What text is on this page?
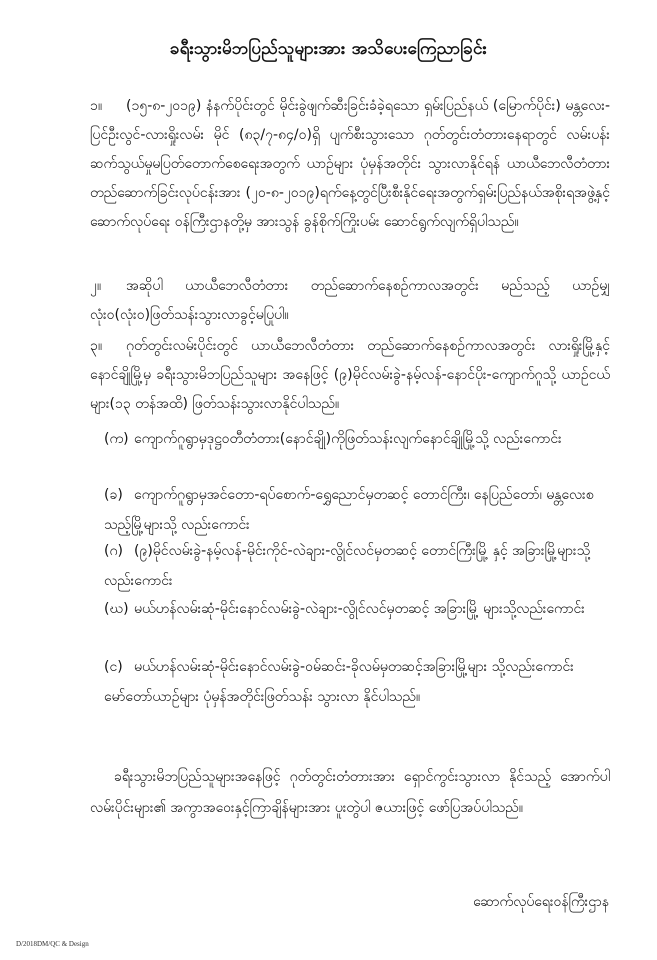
ခရီးသွားမိဘပြည်သူများအား အသိပေးကြေညာခြင်း
၁။ (၁၅-၈-၂၀၁၉) နံနက်ပိုင်းတွင် မိုင်းခွဲဖျက်ဆီးခြင်းခံခဲ့ရသော ရှမ်းပြည်နယ် (မြောက်ပိုင်း) မန္တလေး-ပြင်ဦးလွင်-လားရှိုးလမ်း မိုင် (၈၃/၇-၈၄/၀)ရှိ ပျက်စီးသွားသော ဂုတ်တွင်းတံတားနေရာတွင် လမ်းပန်းဆက်သွယ်မှုမပြတ်တောက်စေရေးအတွက် ယာဉ်များ ပုံမှန်အတိုင်း သွားလာနိုင်ရန် ယာယီဘေလီတံတား တည်ဆောက်ခြင်းလုပ်ငန်းအား (၂၀-၈-၂၀၁၉)ရက်နေ့တွင်ပြီးစီးနိုင်ရေးအတွက်ရှမ်းပြည်နယ်အစိုးရအဖွဲ့နှင့်ဆောက်လုပ်ရေး ဝန်ကြီးဌာနတို့မှ အားသွန် ခွန်စိုက်ကြိုးပမ်း ဆောင်ရွက်လျက်ရှိပါသည်။
၂။ အဆိုပါ ယာယီဘေလီတံတား တည်ဆောက်နေစဉ်ကာလအတွင်း မည်သည့် ယာဉ်မျှ လုံး၀(လုံး၀)ဖြတ်သန်းသွားလာခွင့်မပြုပါ။
၃။ ဂုတ်တွင်းလမ်းပိုင်းတွင် ယာယီဘေလီတံတား တည်ဆောက်နေစဉ်ကာလအတွင်း လားရှိုးမြို့နှင့် နောင်ချိုမြို့မှ ခရီးသွားမိဘပြည်သူများ အနေဖြင့် (၉)မိုင်လမ်းခွဲ-နမ့်လန်-နောင်ပိုး-ကျောက်ဂူသို့ ယာဉ်ငယ်များ(၁၃ တန်အထိ) ဖြတ်သန်းသွားလာနိုင်ပါသည်။
(က) ကျောက်ဂူရွာမှဒုဋ္ဌဝတီတံတား(နောင်ချို)ကိုဖြတ်သန်းလျက်နောင်ချိုမြို့သို့ လည်းကောင်း
(ခ) ကျောက်ဂူရွာမှအင်တော-ရပ်စောက်-ရွှေညောင်မှတဆင့် တောင်ကြီး၊ နေပြည်တော်၊ မန္တလေးစသည့်မြို့များသို့ လည်းကောင်း
(ဂ) (၉)မိုင်လမ်းခွဲ-နမ့်လန်-မိုင်းကိုင်-လဲချား-လွိုင်လင်မှတဆင့် တောင်ကြီးမြို့ နှင့် အခြားမြို့များသို့လည်းကောင်း
(ဃ) မယ်ဟန်လမ်းဆုံ-မိုင်းနောင်လမ်းခွဲ-လဲချား-လွိုင်လင်မှတဆင့် အခြားမြို့ များသို့လည်းကောင်း
(င) မယ်ဟန်လမ်းဆုံ-မိုင်းနောင်လမ်းခွဲ-ဝမ်ဆင်း-ခိုလမ်မှတဆင့်အခြားမြို့များ သို့လည်းကောင်း မော်တော်ယာဉ်များ ပုံမှန်အတိုင်းဖြတ်သန်း သွားလာ နိုင်ပါသည်။
ခရီးသွားမိဘပြည်သူများအနေဖြင့် ဂုတ်တွင်းတံတားအား ရှောင်ကွင်းသွားလာ နိုင်သည့် အောက်ပါလမ်းပိုင်းများ၏ အကွာအဝေးနှင့်ကြာချိန်များအား ပူးတွဲပါ ဇယားဖြင့် ဖော်ပြအပ်ပါသည်။
ဆောက်လုပ်ရေးဝန်ကြီးဌာန
D/2018DM/QC & Design
